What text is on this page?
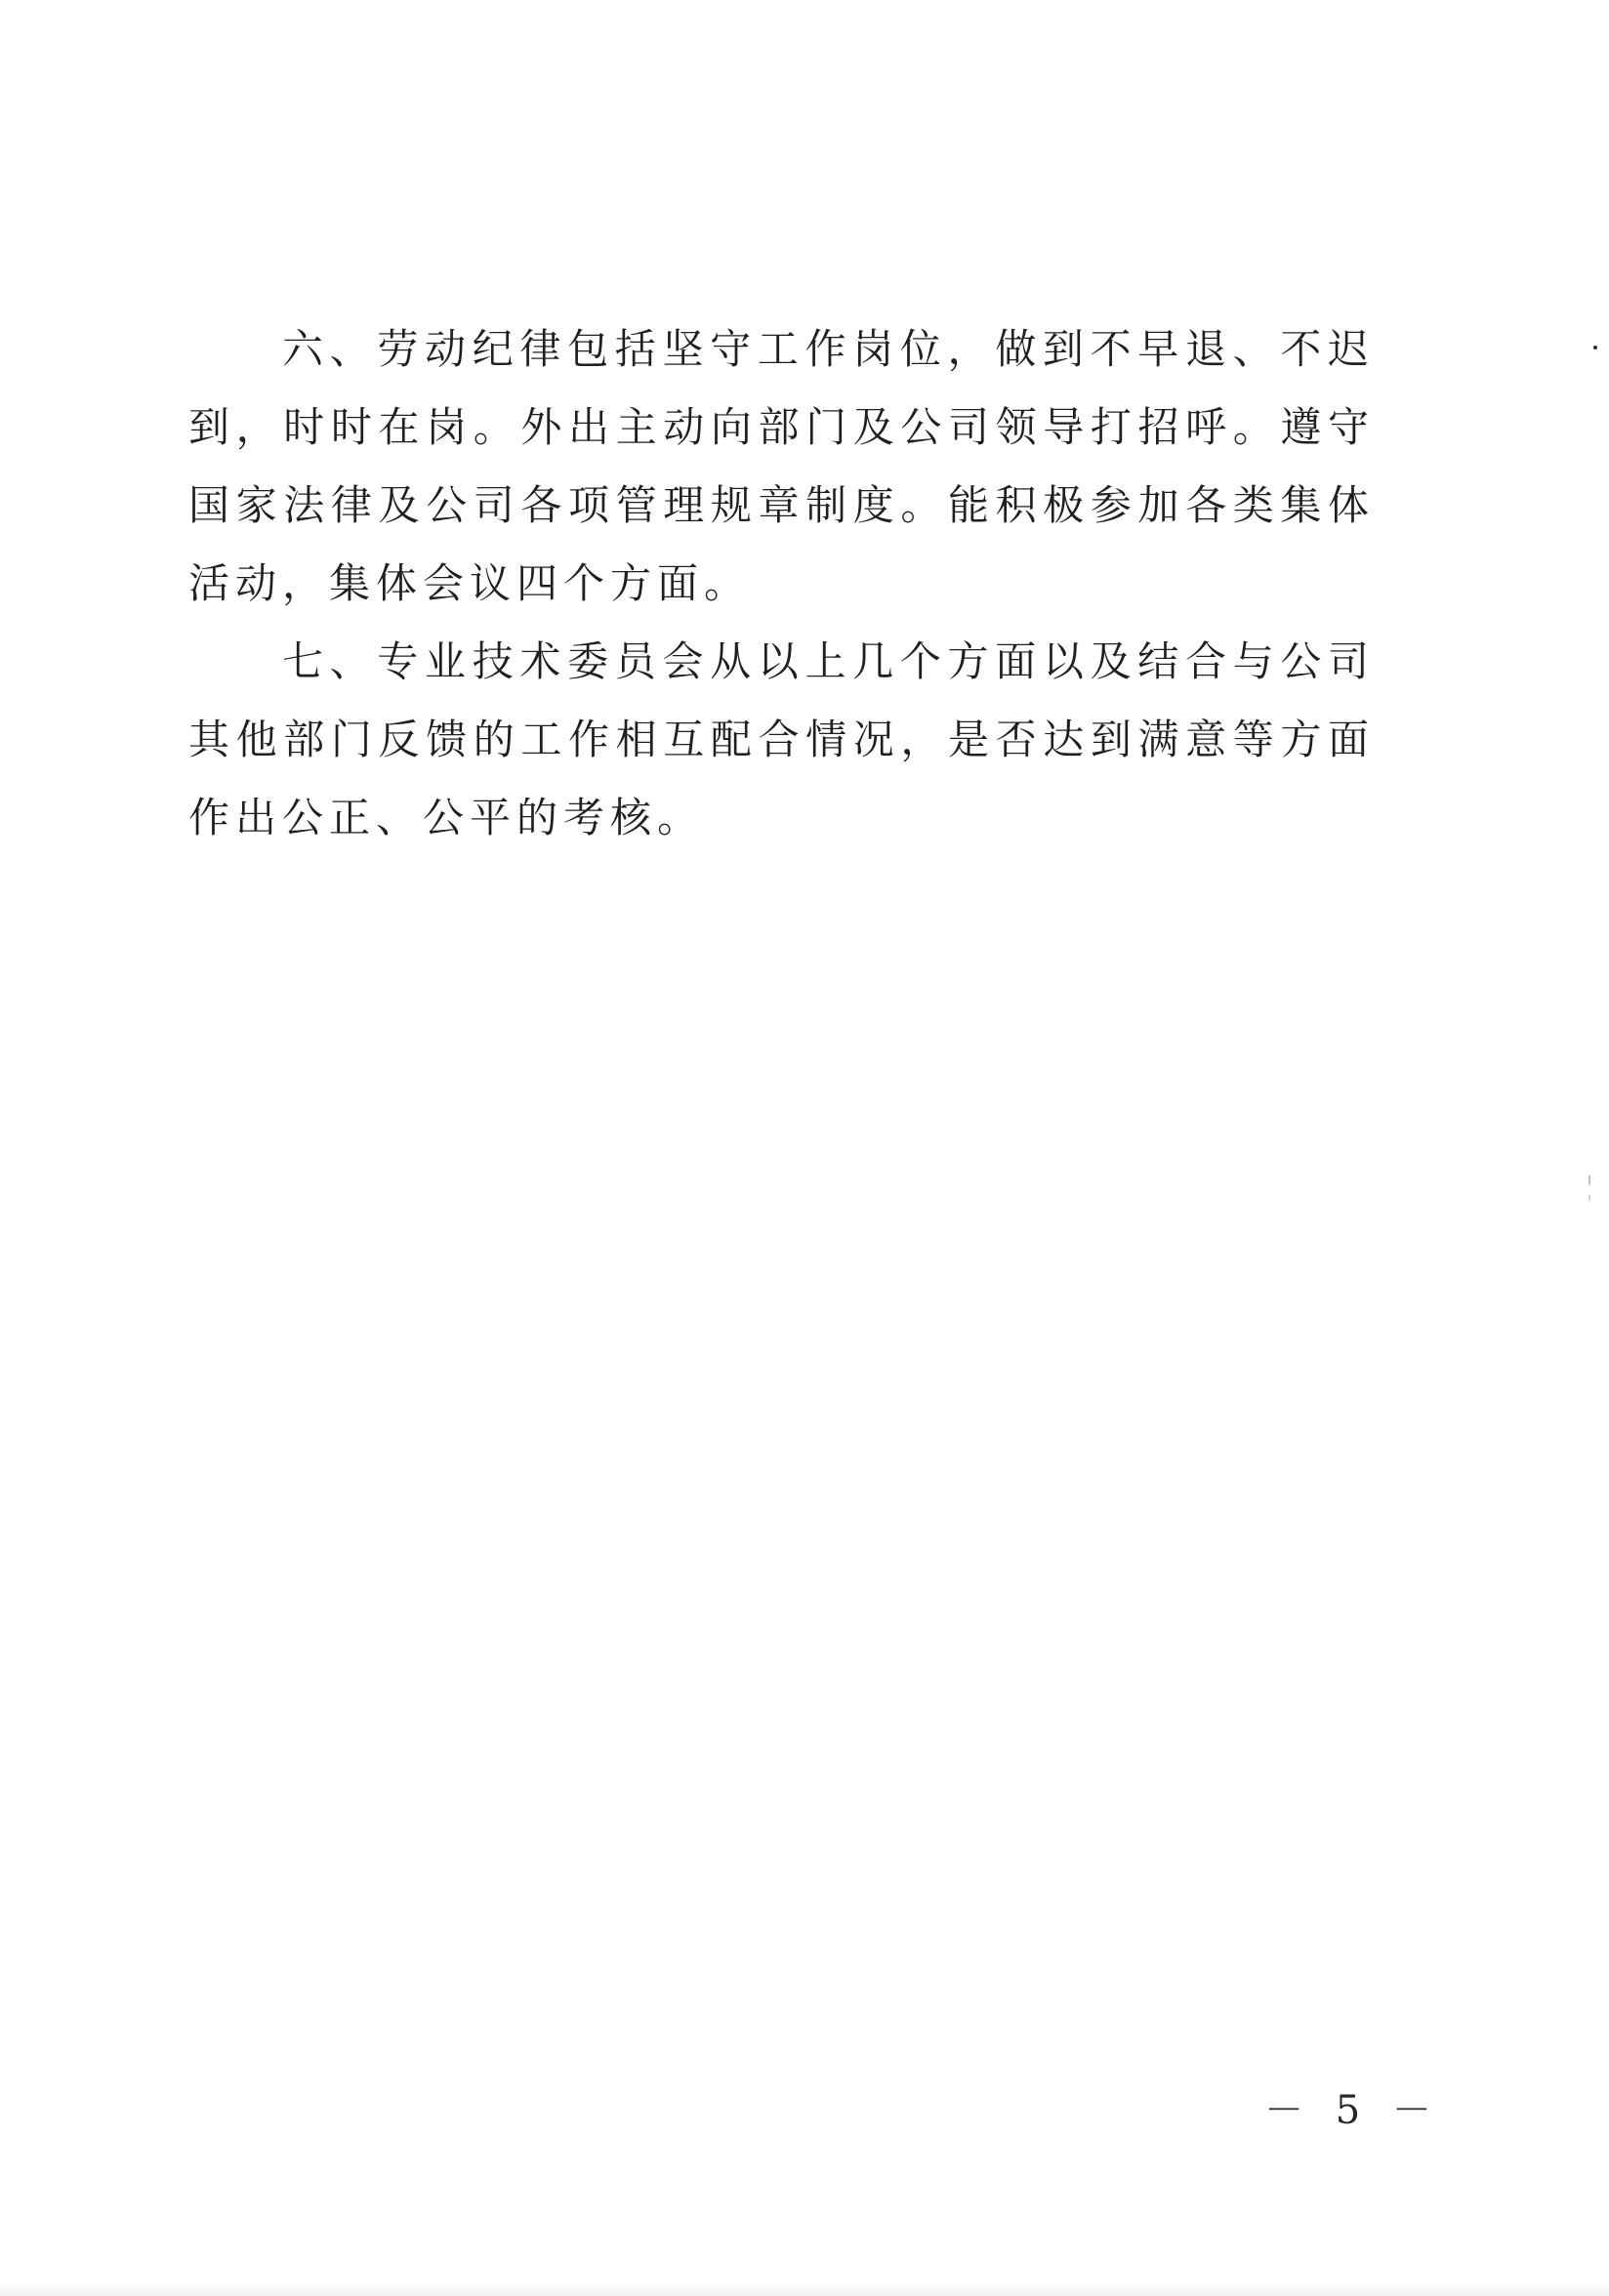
六、劳动纪律包括坚守工作岗位，做到不早退、不迟到，时时在岗。外出主动向部门及公司领导打招呼。遵守国家法律及公司各项管理规章制度。能积极参加各类集体活动，集体会议四个方面。

七、专业技术委员会从以上几个方面以及结合与公司其他部门反馈的工作相互配合情况，是否达到满意等方面作出公正、公平的考核。

－ 5 －
